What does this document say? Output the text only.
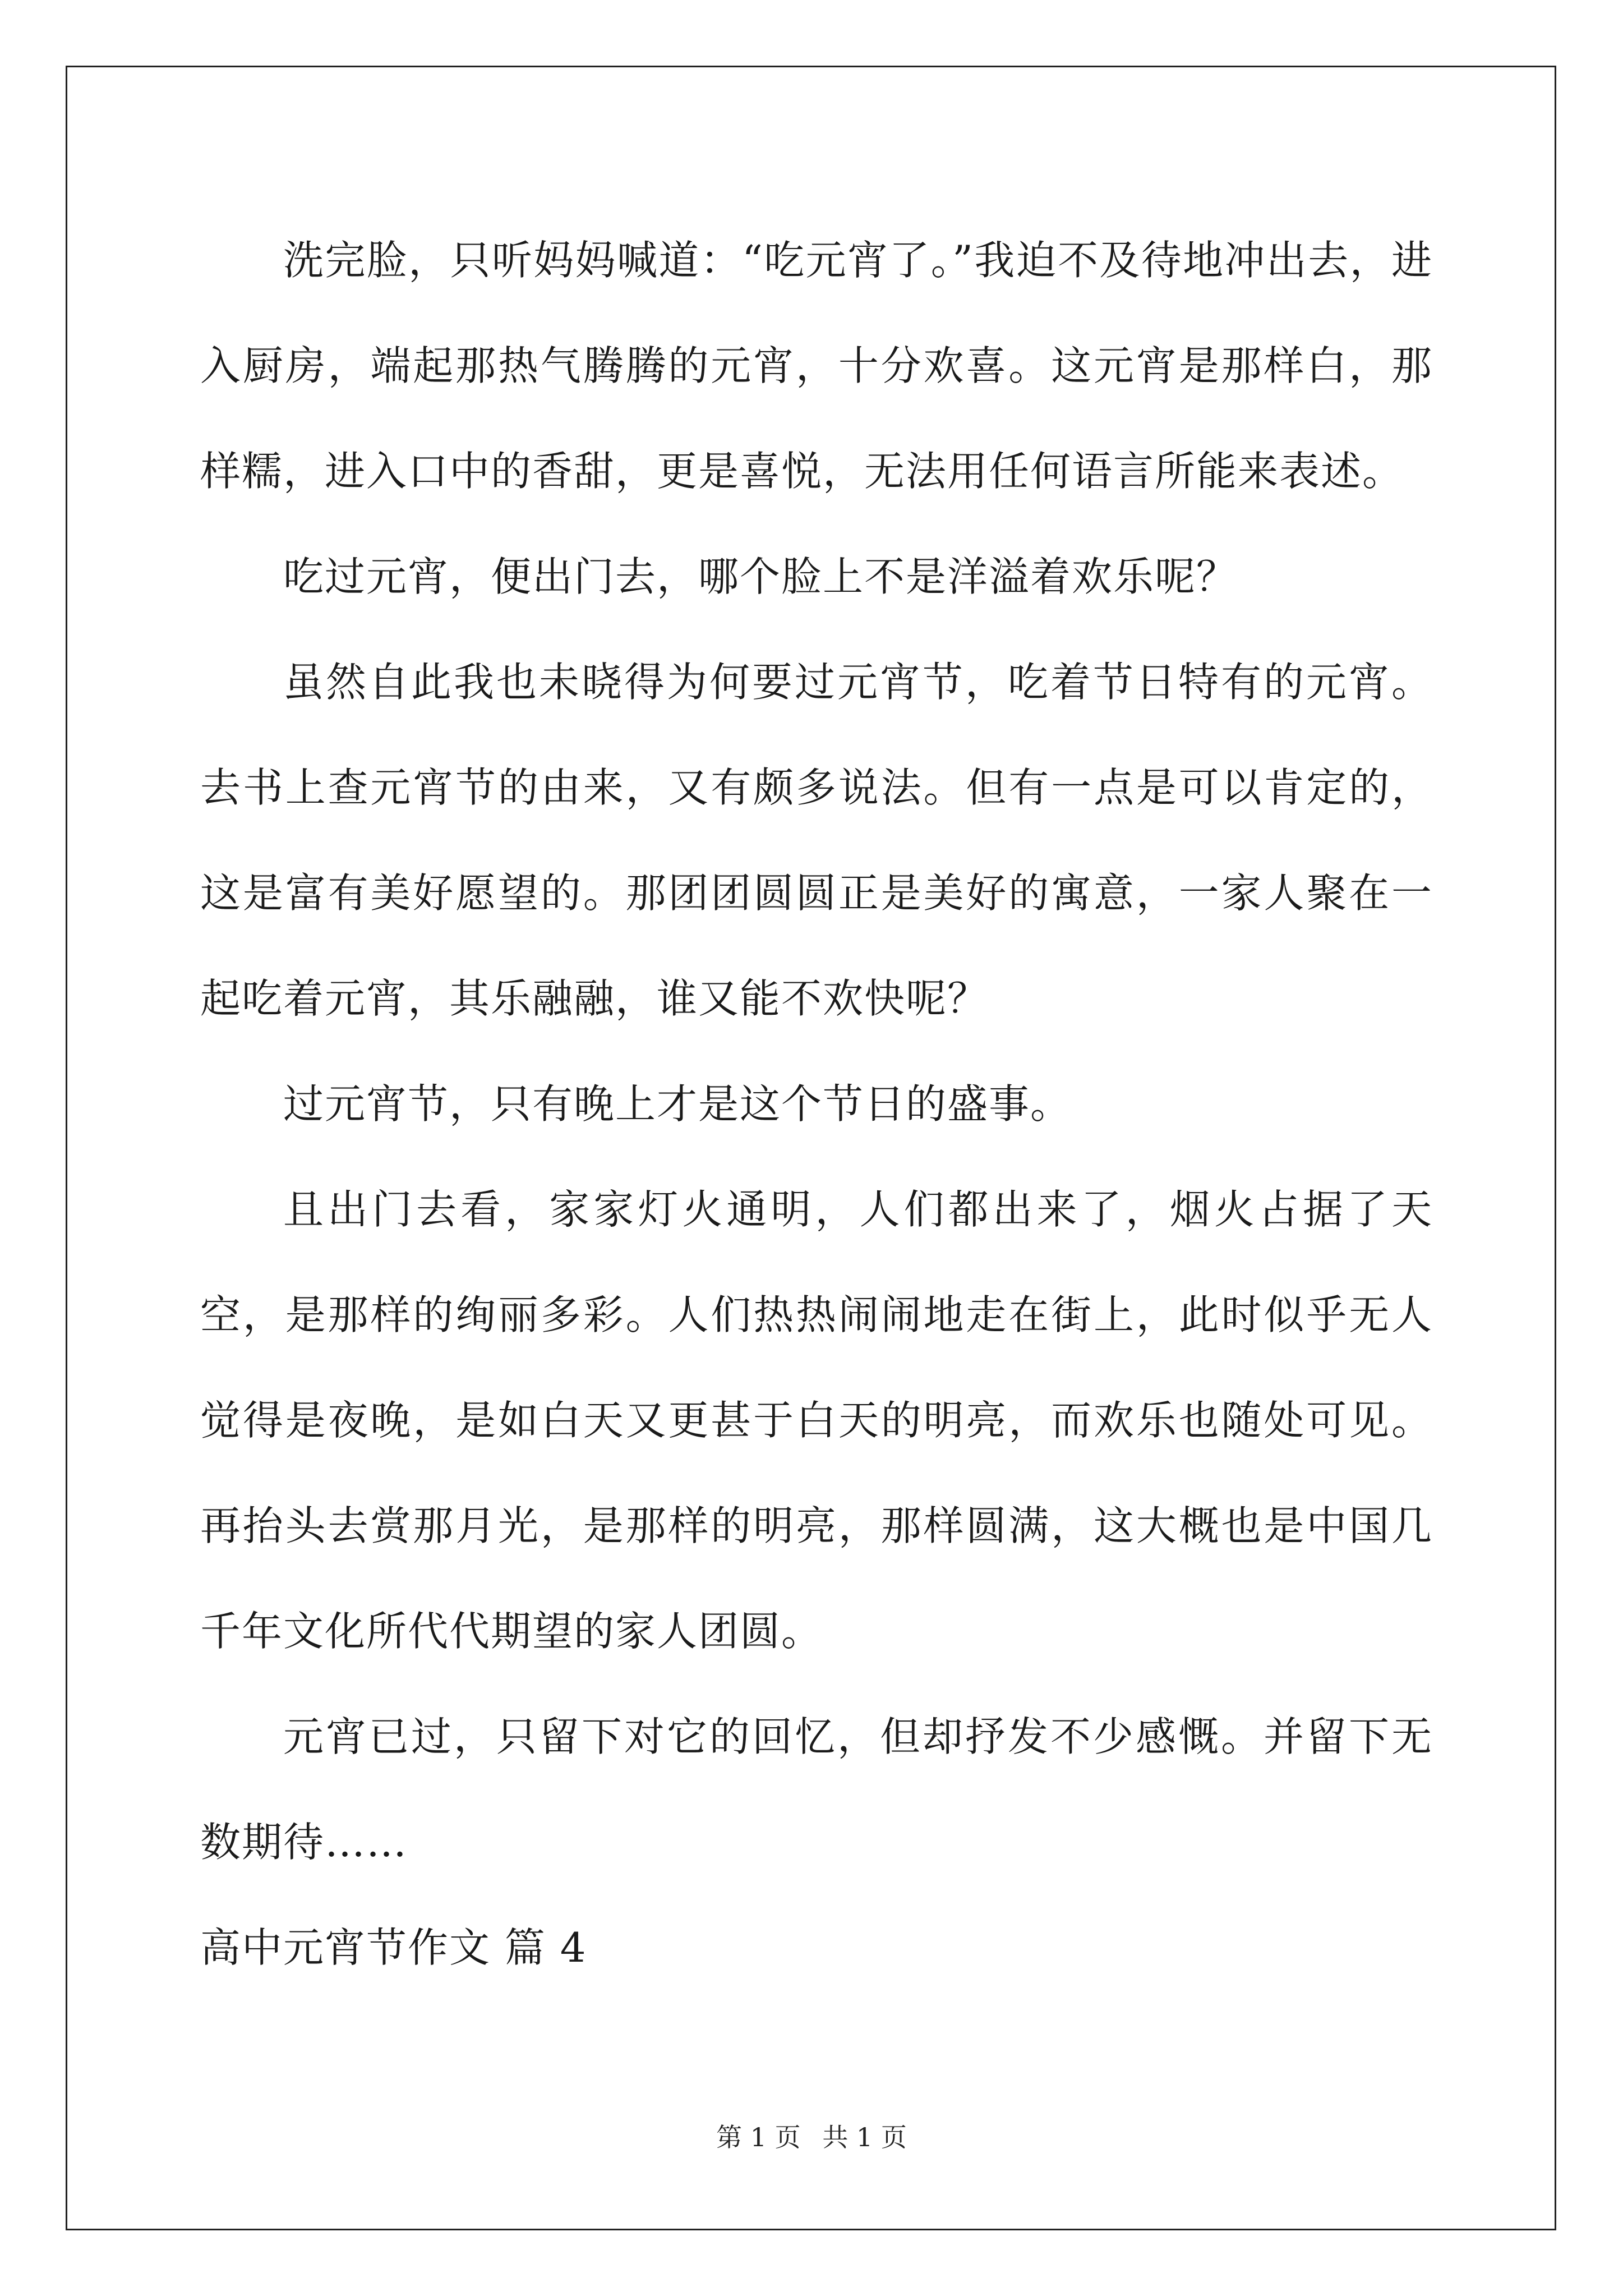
洗完脸，只听妈妈喊道：“吃元宵了。”我迫不及待地冲出去，进入厨房，端起那热气腾腾的元宵，十分欢喜。这元宵是那样白，那样糯，进入口中的香甜，更是喜悦，无法用任何语言所能来表述。

吃过元宵，便出门去，哪个脸上不是洋溢着欢乐呢？

虽然自此我也未晓得为何要过元宵节，吃着节日特有的元宵。去书上查元宵节的由来，又有颇多说法。但有一点是可以肯定的，这是富有美好愿望的。那团团圆圆正是美好的寓意，一家人聚在一起吃着元宵，其乐融融，谁又能不欢快呢？

过元宵节，只有晚上才是这个节日的盛事。

且出门去看，家家灯火通明，人们都出来了，烟火占据了天空，是那样的绚丽多彩。人们热热闹闹地走在街上，此时似乎无人觉得是夜晚，是如白天又更甚于白天的明亮，而欢乐也随处可见。再抬头去赏那月光，是那样的明亮，那样圆满，这大概也是中国几千年文化所代代期望的家人团圆。

元宵已过，只留下对它的回忆，但却抒发不少感慨。并留下无数期待……

高中元宵节作文 篇 4

第 1 页 共 1 页
